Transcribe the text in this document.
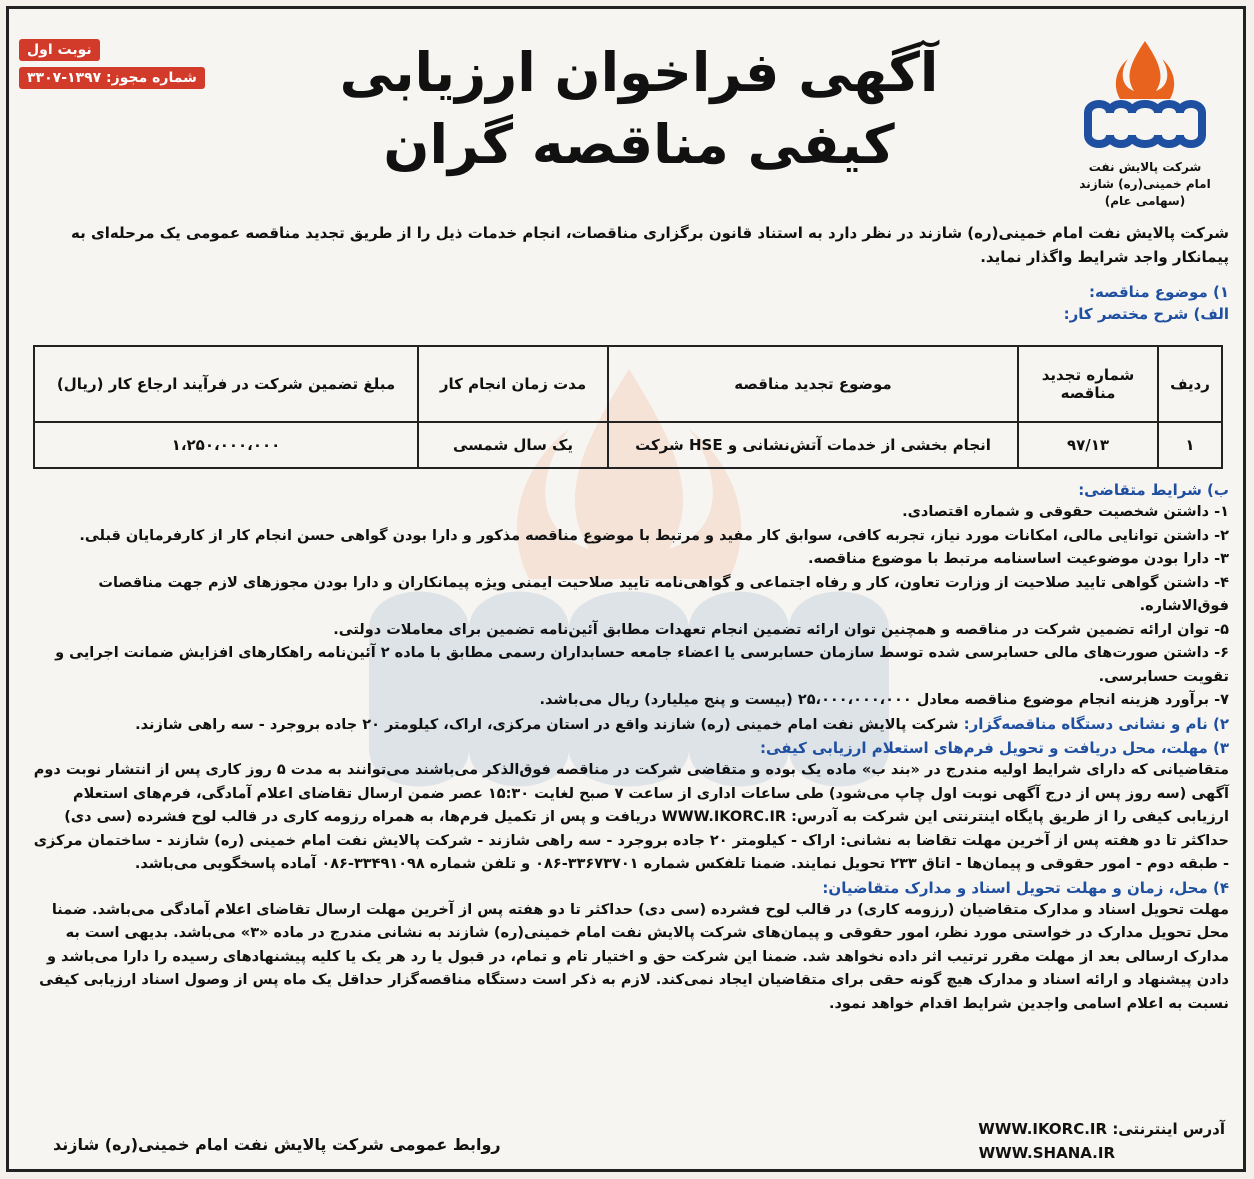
نوبت اول
شماره مجوز: ۱۳۹۷-۳۳۰۷	آگهی فراخوان ارزیابی
کیفی مناقصه گران	شرکت پالایش نفت
امام خمینی(ره) شازند (سهامی عام)
شرکت پالایش نفت امام خمینی(ره) شازند در نظر دارد به استناد قانون برگزاری مناقصات، انجام خدمات ذیل را از طریق تجدید مناقصه عمومی یک مرحله‌ای به پیمانکار واجد شرایط واگذار نماید.
۱) موضوع مناقصه:
الف) شرح مختصر کار:
ردیف	شماره تجدید مناقصه	موضوع تجدید مناقصه	مدت زمان انجام کار	مبلغ تضمین شرکت در فرآیند ارجاع کار (ریال)
۱	۹۷/۱۳	انجام بخشی از خدمات آتش‌نشانی و HSE شرکت	یک سال شمسی	۱،۲۵۰،۰۰۰،۰۰۰

ب) شرایط متقاضی:

۱- داشتن شخصیت حقوقی و شماره اقتصادی.

۲- داشتن توانایی مالی، امکانات مورد نیاز، تجربه کافی، سوابق کار مفید و مرتبط با موضوع مناقصه مذکور و دارا بودن گواهی حسن انجام کار از کارفرمایان قبلی.

۳- دارا بودن موضوعیت اساسنامه مرتبط با موضوع مناقصه.

۴- داشتن گواهی تایید صلاحیت از وزارت تعاون، کار و رفاه اجتماعی و گواهی‌نامه تایید صلاحیت ایمنی ویژه پیمانکاران و دارا بودن مجوزهای لازم جهت مناقصات فوق‌الاشاره.

۵- توان ارائه تضمین شرکت در مناقصه و همچنین توان ارائه تضمین انجام تعهدات مطابق آئین‌نامه تضمین برای معاملات دولتی.

۶- داشتن صورت‌های مالی حسابرسی شده توسط سازمان حسابرسی یا اعضاء جامعه حسابداران رسمی مطابق با ماده ۲ آئین‌نامه راهکارهای افزایش ضمانت اجرایی و تقویت حسابرسی.

۷- برآورد هزینه انجام موضوع مناقصه معادل ۲۵،۰۰۰،۰۰۰،۰۰۰ (بیست و پنج میلیارد) ریال می‌باشد.

۲) نام و نشانی دستگاه مناقصه‌گزار: شرکت پالایش نفت امام خمینی (ره) شازند واقع در استان مرکزی، اراک، کیلومتر ۲۰ جاده بروجرد - سه راهی شازند.

۳) مهلت، محل دریافت و تحویل فرم‌های استعلام ارزیابی کیفی:

متقاضیانی که دارای شرایط اولیه مندرج در «بند ب» ماده یک بوده و متقاضی شرکت در مناقصه فوق‌الذکر می‌باشند می‌توانند به مدت ۵ روز کاری پس از انتشار نوبت دوم آگهی (سه روز پس از درج آگهی نوبت اول چاپ می‌شود) طی ساعات اداری از ساعت ۷ صبح لغایت ۱۵:۳۰ عصر ضمن ارسال تقاضای اعلام آمادگی، فرم‌های استعلام ارزیابی کیفی را از طریق پایگاه اینترنتی این شرکت به آدرس: WWW.IKORC.IR دریافت و پس از تکمیل فرم‌ها، به همراه رزومه کاری در قالب لوح فشرده (سی دی) حداکثر تا دو هفته پس از آخرین مهلت تقاضا به نشانی: اراک - کیلومتر ۲۰ جاده بروجرد - سه راهی شازند - شرکت پالایش نفت امام خمینی (ره) شازند - ساختمان مرکزی - طبقه دوم - امور حقوقی و پیمان‌ها - اتاق ۲۳۳ تحویل نمایند. ضمنا تلفکس شماره ۳۳۶۷۳۷۰۱-۰۸۶ و تلفن شماره ۳۳۴۹۱۰۹۸-۰۸۶ آماده پاسخگویی می‌باشد.

۴) محل، زمان و مهلت تحویل اسناد و مدارک متقاضیان:

مهلت تحویل اسناد و مدارک متقاضیان (رزومه کاری) در قالب لوح فشرده (سی دی) حداکثر تا دو هفته پس از آخرین مهلت ارسال تقاضای اعلام آمادگی می‌باشد. ضمنا محل تحویل مدارک در خواستی مورد نظر، امور حقوقی و پیمان‌های شرکت پالایش نفت امام خمینی(ره) شازند به نشانی مندرج در ماده «۳» می‌باشد. بدیهی است به مدارک ارسالی بعد از مهلت مقرر ترتیب اثر داده نخواهد شد. ضمنا این شرکت حق و اختیار تام و تمام، در قبول یا رد هر یک یا کلیه پیشنهادهای رسیده را دارا می‌باشد و دادن پیشنهاد و ارائه اسناد و مدارک هیچ گونه حقی برای متقاضیان ایجاد نمی‌کند. لازم به ذکر است دستگاه مناقصه‌گزار حداقل یک ماه پس از وصول اسناد ارزیابی کیفی نسبت به اعلام اسامی واجدین شرایط اقدام خواهد نمود.

آدرس اینترنتی: WWW.IKORC.IR
WWW.SHANA.IR
روابط عمومی شرکت پالایش نفت امام خمینی(ره) شازند
